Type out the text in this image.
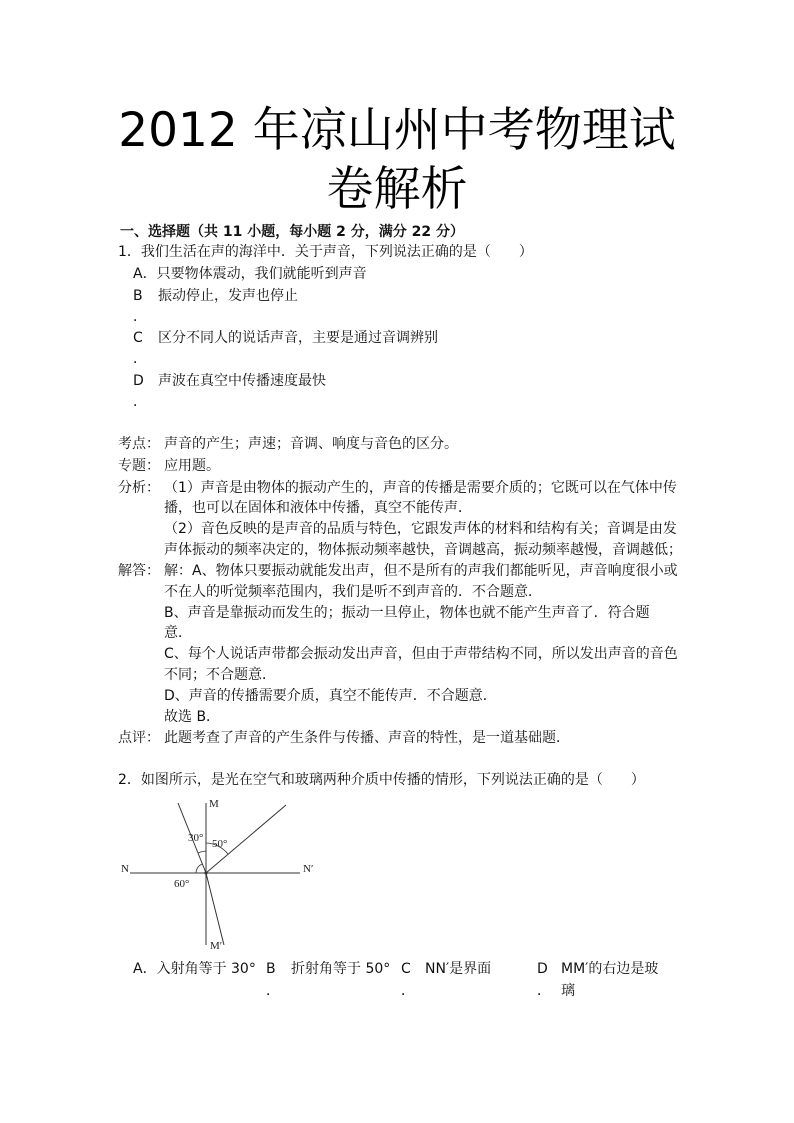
2012 年凉山州中考物理试
卷解析
一、选择题（共 11 小题，每小题 2 分，满分 22 分）
1．我们生活在声的海洋中．关于声音，下列说法正确的是（　　）
A．只要物体震动，我们就能听到声音
B 振动停止，发声也停止
．
C 区分不同人的说话声音，主要是通过音调辨别
．
D 声波在真空中传播速度最快
．
考点： 声音的产生；声速；音调、响度与音色的区分。
专题： 应用题。
分析： （1）声音是由物体的振动产生的，声音的传播是需要介质的；它既可以在气体中传
播，也可以在固体和液体中传播，真空不能传声．
（2）音色反映的是声音的品质与特色，它跟发声体的材料和结构有关；音调是由发
声体振动的频率决定的，物体振动频率越快，音调越高，振动频率越慢，音调越低；
解答： 解：A、物体只要振动就能发出声，但不是所有的声我们都能听见，声音响度很小或
不在人的听觉频率范围内，我们是听不到声音的．不合题意．
B、声音是靠振动而发生的；振动一旦停止，物体也就不能产生声音了．符合题
意．
C、每个人说话声带都会振动发出声音，但由于声带结构不同，所以发出声音的音色
不同；不合题意．
D、声音的传播需要介质，真空不能传声．不合题意．
故选 B．
点评： 此题考查了声音的产生条件与传播、声音的特性，是一道基础题．
2．如图所示，是光在空气和玻璃两种介质中传播的情形，下列说法正确的是（　　）
M
M′
N	N′
30° 50°
60°
A．入射角等于 30° B 折射角等于 50°
．
C NN′是界面
．
D MM′的右边是玻
． 璃
